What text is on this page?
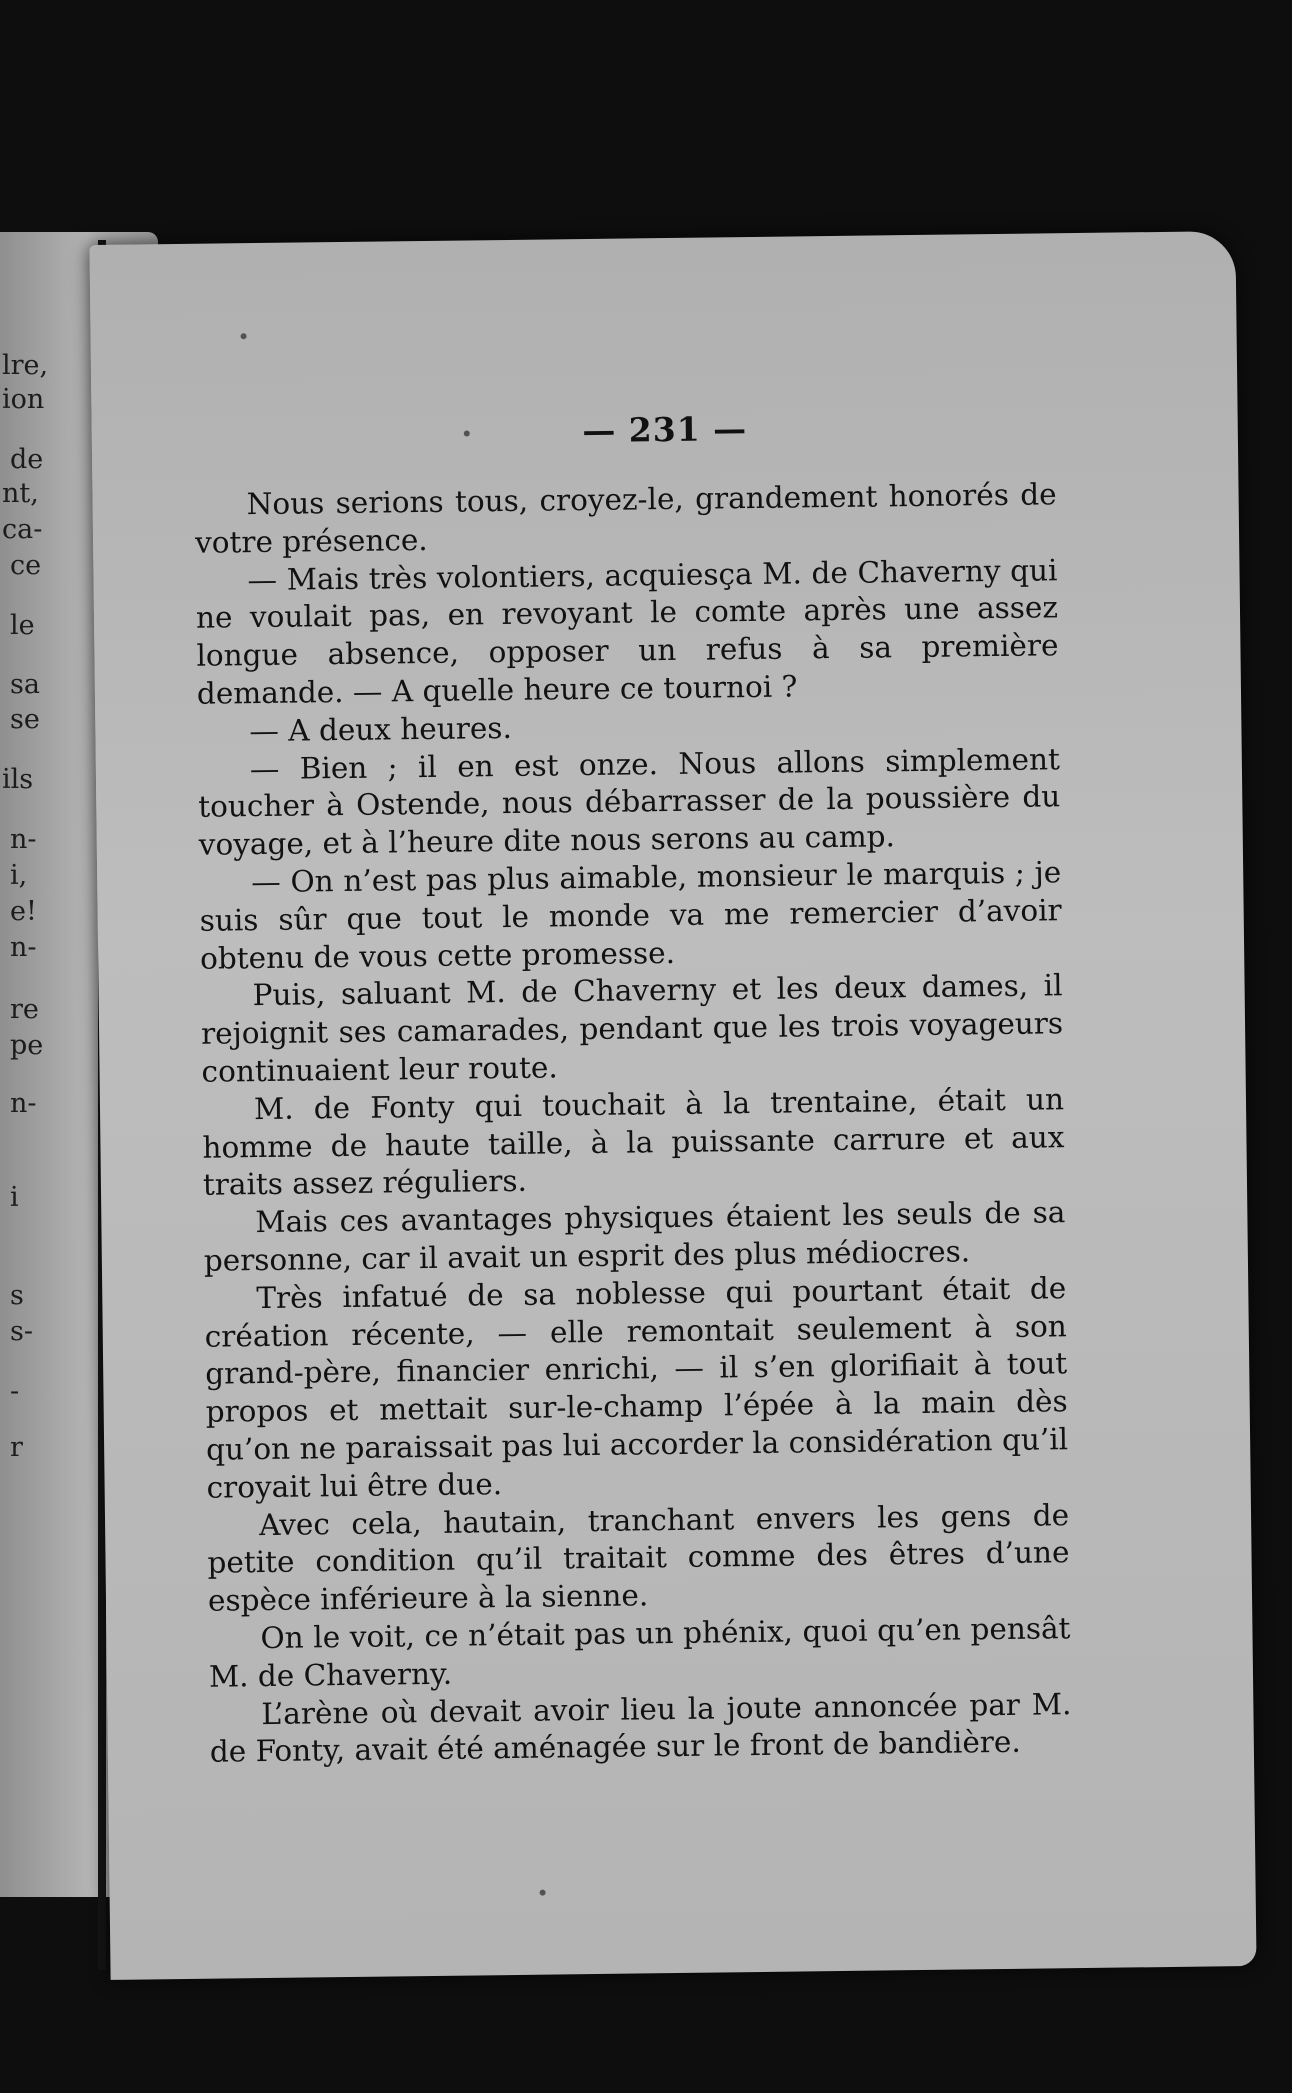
lre,
ion
de
nt,
ca-
ce
le
sa
se
ils
n-
i,
e!
n-
re
pe
n-
i
s
s-
-
r
— 231 —

Nous serions tous, croyez-le, grandement honorés de votre présence.

— Mais très volontiers, acquiesça M. de Chaverny qui ne voulait pas, en revoyant le comte après une assez longue absence, opposer un refus à sa première demande. — A quelle heure ce tournoi ?

— A deux heures.

— Bien ; il en est onze. Nous allons simplement toucher à Ostende, nous débarrasser de la poussière du voyage, et à l’heure dite nous serons au camp.

— On n’est pas plus aimable, monsieur le marquis ; je suis sûr que tout le monde va me remercier d’avoir obtenu de vous cette promesse.

Puis, saluant M. de Chaverny et les deux dames, il rejoignit ses camarades, pendant que les trois voyageurs continuaient leur route.

M. de Fonty qui touchait à la trentaine, était un homme de haute taille, à la puissante carrure et aux traits assez réguliers.

Mais ces avantages physiques étaient les seuls de sa personne, car il avait un esprit des plus médiocres.

Très infatué de sa noblesse qui pourtant était de création récente, — elle remontait seulement à son grand-père, financier enrichi, — il s’en glorifiait à tout propos et mettait sur-le-champ l’épée à la main dès qu’on ne paraissait pas lui accorder la considération qu’il croyait lui être due.

Avec cela, hautain, tranchant envers les gens de petite condition qu’il traitait comme des êtres d’une espèce inférieure à la sienne.

On le voit, ce n’était pas un phénix, quoi qu’en pensât M. de Chaverny.

L’arène où devait avoir lieu la joute annoncée par M. de Fonty, avait été aménagée sur le front de bandière.
